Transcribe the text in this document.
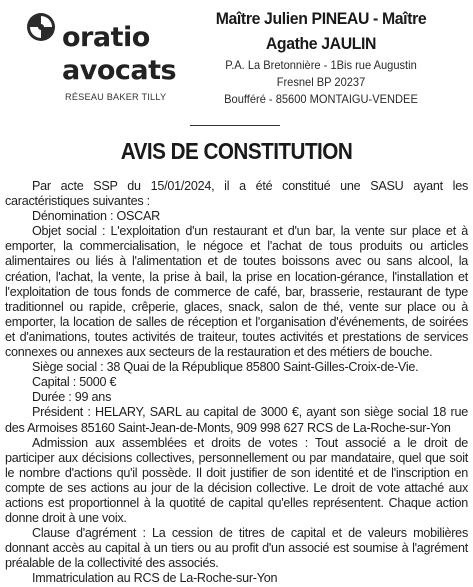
oratio
avocats
RÉSEAU BAKER TILLY
Maître Julien PINEAU - Maître
Agathe JAULIN
P.A. La Bretonnière - 1Bis rue Augustin
Fresnel BP 20237
Boufféré - 85600 MONTAIGU-VENDEE
AVIS DE CONSTITUTION

Par acte SSP du 15/01/2024, il a été constitué une SASU ayant les caractéristiques suivantes :

Dénomination : OSCAR

Objet social : L'exploitation d'un restaurant et d'un bar, la vente sur place et à emporter, la commercialisation, le négoce et l'achat de tous produits ou articles alimentaires ou liés à l'alimentation et de toutes boissons avec ou sans alcool, la création, l'achat, la vente, la prise à bail, la prise en location-gérance, l'installation et l'exploitation de tous fonds de commerce de café, bar, brasserie, restaurant de type traditionnel ou rapide, crêperie, glaces, snack, salon de thé, vente sur place ou à emporter, la location de salles de réception et l'organisation d'événements, de soirées et d'animations, toutes activités de traiteur, toutes activités et prestations de services connexes ou annexes aux secteurs de la restauration et des métiers de bouche.

Siège social : 38 Quai de la République 85800 Saint-Gilles-Croix-de-Vie.

Capital : 5000 €

Durée : 99 ans

Président : HELARY, SARL au capital de 3000 €, ayant son siège social 18 rue des Armoises 85160 Saint-Jean-de-Monts, 909 998 627 RCS de La-Roche-sur-Yon

Admission aux assemblées et droits de votes : Tout associé a le droit de participer aux décisions collectives, personnellement ou par mandataire, quel que soit le nombre d'actions qu'il possède. Il doit justifier de son identité et de l'inscription en compte de ses actions au jour de la décision collective. Le droit de vote attaché aux actions est proportionnel à la quotité de capital qu'elles représentent. Chaque action donne droit à une voix.

Clause d'agrément : La cession de titres de capital et de valeurs mobilières donnant accès au capital à un tiers ou au profit d'un associé est soumise à l'agrément préalable de la collectivité des associés.

Immatriculation au RCS de La-Roche-sur-Yon
